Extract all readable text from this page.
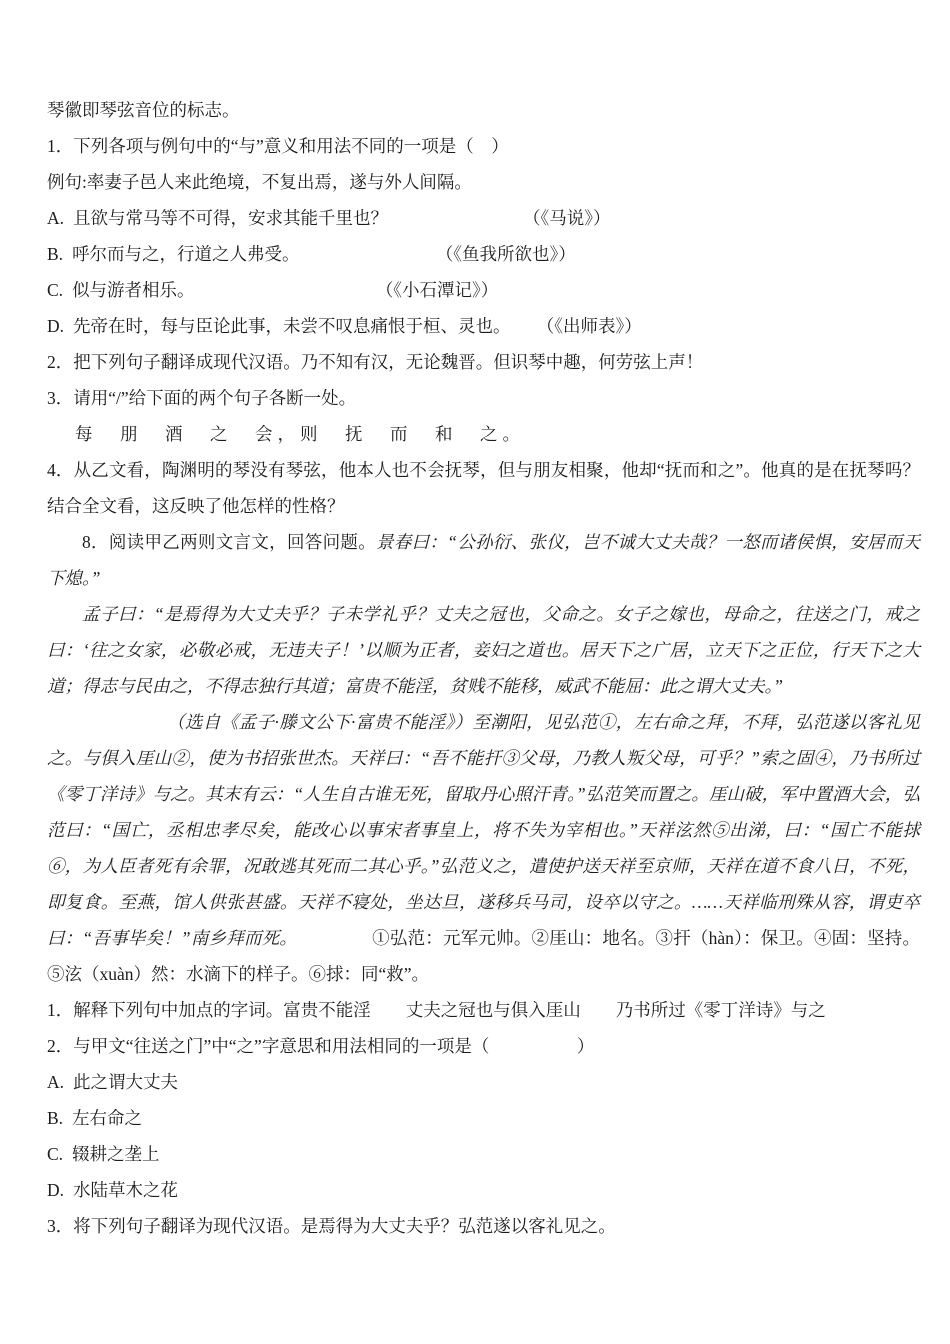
琴徽即琴弦音位的标志。

1．下列各项与例句中的“与”意义和用法不同的一项是（　）

例句:率妻子邑人来此绝境，不复出焉，遂与外人间隔。

A. 且欲与常马等不可得，安求其能千里也？	（《马说》）

B. 呼尔而与之，行道之人弗受。	（《鱼我所欲也》）

C. 似与游者相乐。	（《小石潭记》）

D. 先帝在时，每与臣论此事，未尝不叹息痛恨于桓、灵也。 （《出师表》）

2．把下列句子翻译成现代汉语。乃不知有汉，无论魏晋。但识琴中趣，何劳弦上声！

3．请用“/”给下面的两个句子各断一处。

每　朋　酒　之　会，则　抚　而　和　之。

4．从乙文看，陶渊明的琴没有琴弦，他本人也不会抚琴，但与朋友相聚，他却“抚而和之”。他真的是在抚琴吗？结合全文看，这反映了他怎样的性格？

8．阅读甲乙两则文言文，回答问题。景春曰：“公孙衍、张仪，岂不诚大丈夫哉？一怒而诸侯惧，安居而天下熄。”

孟子曰：“是焉得为大丈夫乎？子未学礼乎？丈夫之冠也，父命之。女子之嫁也，母命之，往送之门，戒之曰：‘往之女家，必敬必戒，无违夫子！’以顺为正者，妾妇之道也。居天下之广居，立天下之正位，行天下之大道；得志与民由之，不得志独行其道；富贵不能淫，贫贱不能移，威武不能屈：此之谓大丈夫。”

（选自《孟子·滕文公下·富贵不能淫》）至潮阳，见弘范①，左右命之拜，不拜，弘范遂以客礼见之。与俱入厓山②，使为书招张世杰。天祥曰：“吾不能扞③父母，乃教人叛父母，可乎？”索之固④，乃书所过《零丁洋诗》与之。其末有云：“人生自古谁无死，留取丹心照汗青。”弘范笑而置之。厓山破，军中置酒大会，弘范曰：“国亡，丞相忠孝尽矣，能改心以事宋者事皇上，将不失为宰相也。”天祥泫然⑤出涕，曰：“国亡不能捄⑥，为人臣者死有余罪，况敢逃其死而二其心乎。”弘范义之，遣使护送天祥至京师，天祥在道不食八日，不死，即复食。至燕，馆人供张甚盛。天祥不寝处，坐达旦，遂移兵马司，设卒以守之。……天祥临刑殊从容，谓吏卒曰：“吾事毕矣！”南乡拜而死。	①弘范：元军元帅。②厓山：地名。③扞（hàn）：保卫。④固：坚持。⑤泫（xuàn）然：水滴下的样子。⑥捄：同“救”。

1．解释下列句中加点的字词。富贵不能淫　　丈夫之冠也与俱入厓山　　乃书所过《零丁洋诗》与之

2．与甲文“往送之门”中“之”字意思和用法相同的一项是（　　　　　）

A. 此之谓大丈夫

B. 左右命之

C. 辍耕之垄上

D. 水陆草木之花

3．将下列句子翻译为现代汉语。是焉得为大丈夫乎？弘范遂以客礼见之。
